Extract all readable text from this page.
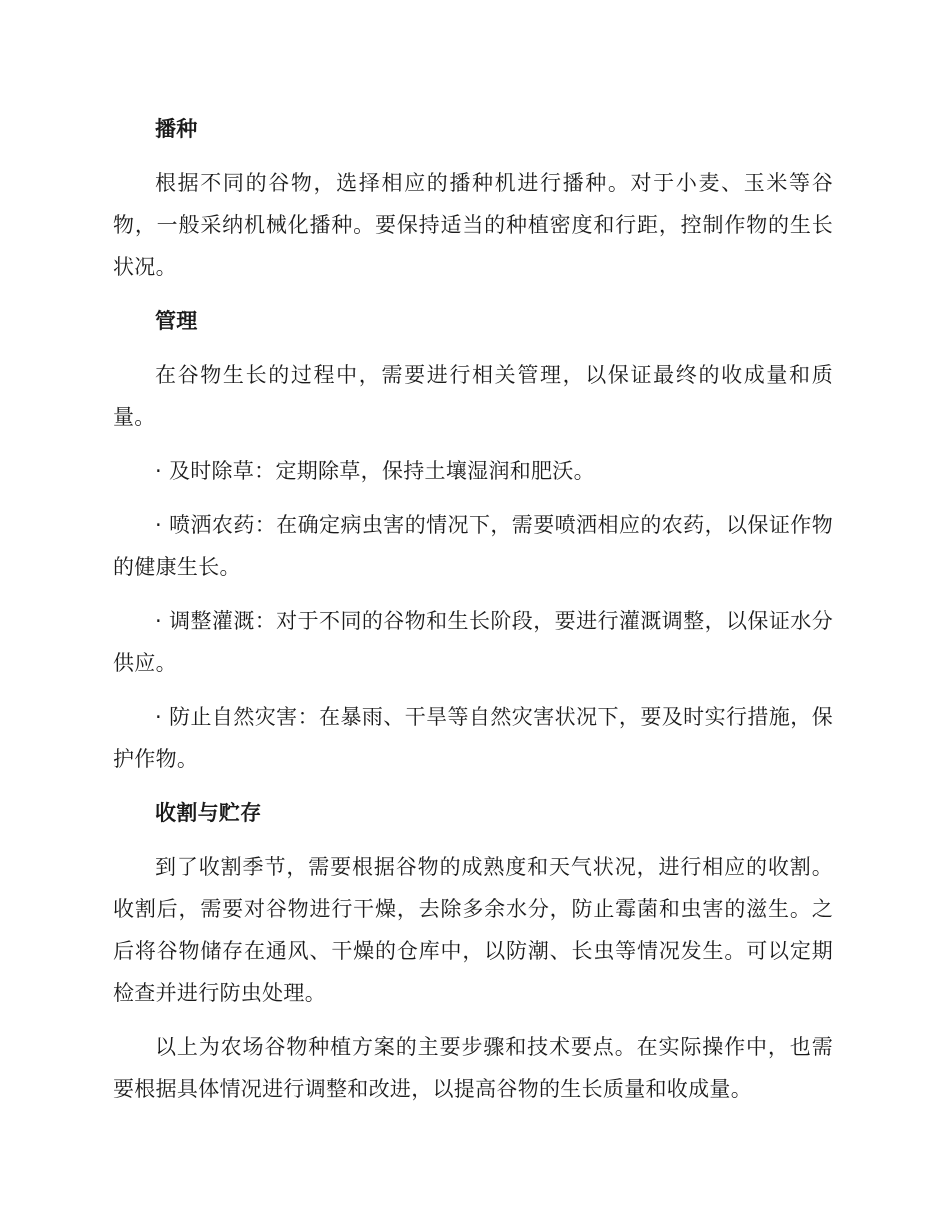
播种

根据不同的谷物，选择相应的播种机进行播种。对于小麦、玉米等谷物，一般采纳机械化播种。要保持适当的种植密度和行距，控制作物的生长状况。

管理

在谷物生长的过程中，需要进行相关管理，以保证最终的收成量和质量。

· 及时除草：定期除草，保持土壤湿润和肥沃。

· 喷洒农药：在确定病虫害的情况下，需要喷洒相应的农药，以保证作物的健康生长。

· 调整灌溉：对于不同的谷物和生长阶段，要进行灌溉调整，以保证水分供应。

· 防止自然灾害：在暴雨、干旱等自然灾害状况下，要及时实行措施，保护作物。

收割与贮存

到了收割季节，需要根据谷物的成熟度和天气状况，进行相应的收割。收割后，需要对谷物进行干燥，去除多余水分，防止霉菌和虫害的滋生。之后将谷物储存在通风、干燥的仓库中，以防潮、长虫等情况发生。可以定期检查并进行防虫处理。

以上为农场谷物种植方案的主要步骤和技术要点。在实际操作中，也需要根据具体情况进行调整和改进，以提高谷物的生长质量和收成量。
